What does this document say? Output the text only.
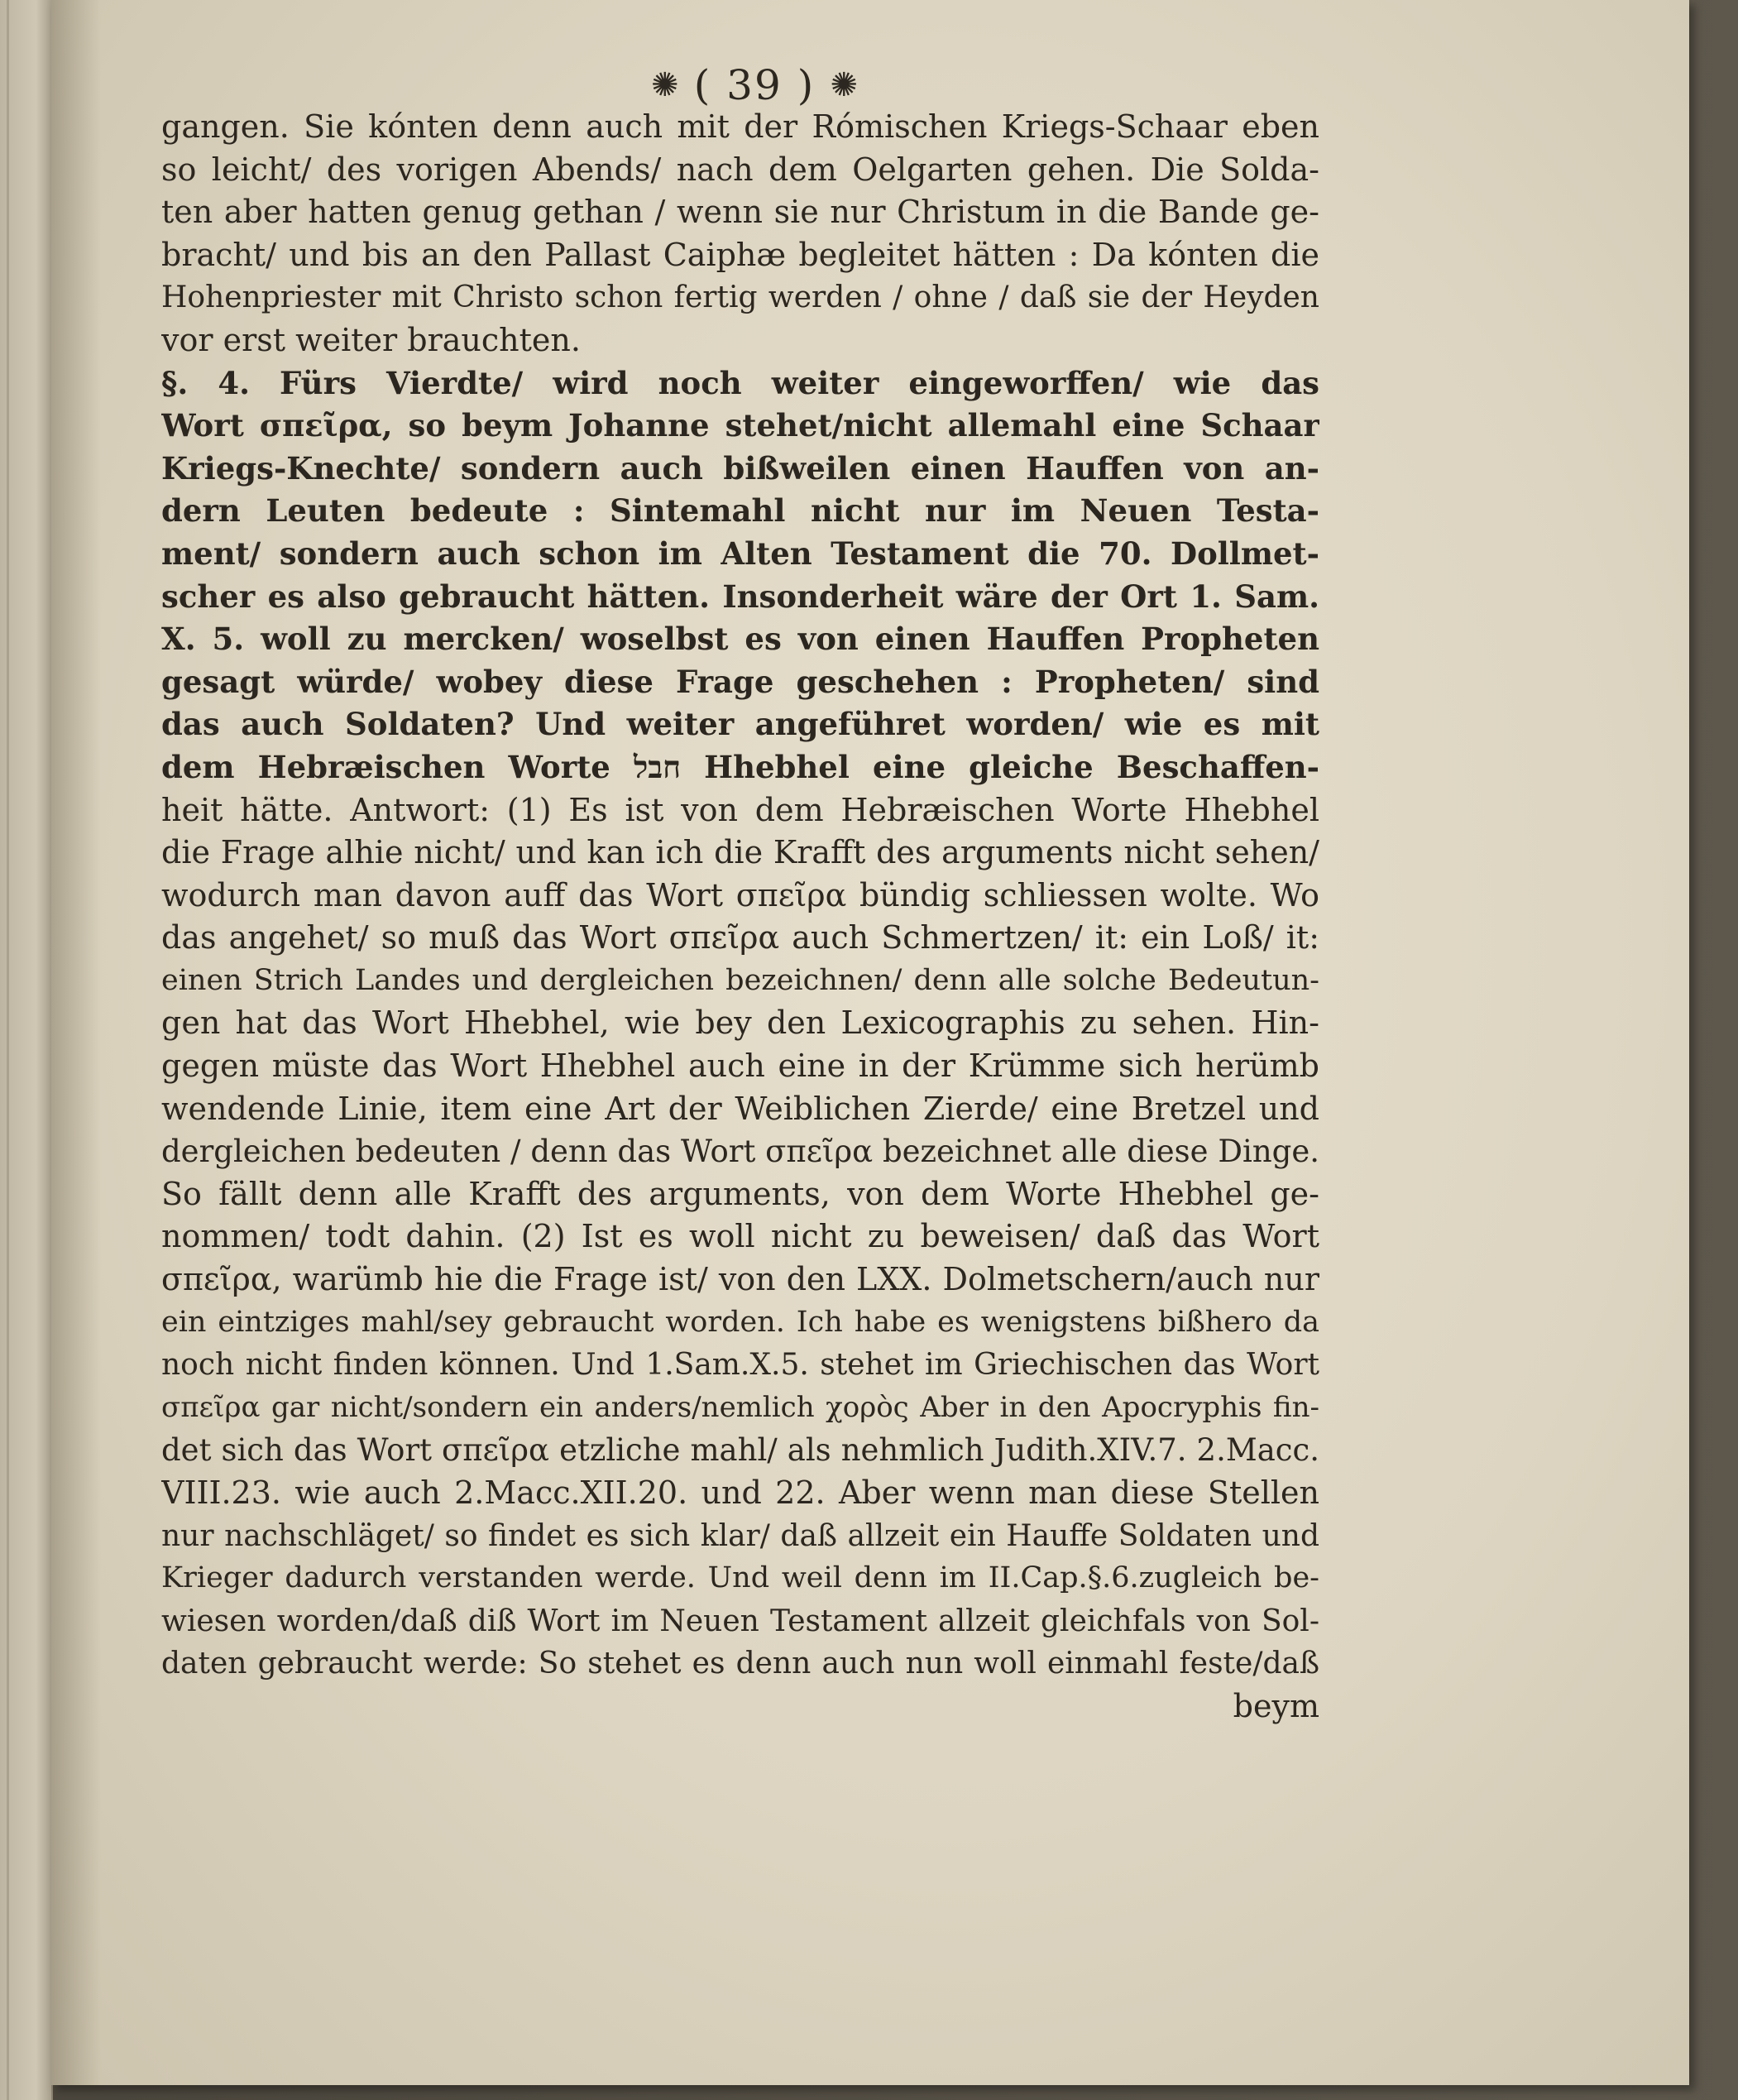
✺ ( 39 ) ✺
gangen. Sie kónten denn auch mit der Rómischen Kriegs-Schaar eben
so leicht/ des vorigen Abends/ nach dem Oelgarten gehen. Die Solda-
ten aber hatten genug gethan / wenn sie nur Christum in die Bande ge-
bracht/ und bis an den Pallast Caiphæ begleitet hätten : Da kónten die
Hohenpriester mit Christo schon fertig werden / ohne / daß sie der Heyden
vor erst weiter brauchten.
§. 4. Fürs Vierdte/ wird noch weiter eingeworffen/ wie das
Wort σπεῖρα, so beym Johanne stehet/nicht allemahl eine Schaar
Kriegs-Knechte/ sondern auch bißweilen einen Hauffen von an-
dern Leuten bedeute : Sintemahl nicht nur im Neuen Testa-
ment/ sondern auch schon im Alten Testament die 70. Dollmet-
scher es also gebraucht hätten. Insonderheit wäre der Ort 1. Sam.
X. 5. woll zu mercken/ woselbst es von einen Hauffen Propheten
gesagt würde/ wobey diese Frage geschehen : Propheten/ sind
das auch Soldaten? Und weiter angeführet worden/ wie es mit
dem Hebræischen Worte חבל Hhebhel eine gleiche Beschaffen-
heit hätte. Antwort: (1) Es ist von dem Hebræischen Worte Hhebhel
die Frage alhie nicht/ und kan ich die Krafft des arguments nicht sehen/
wodurch man davon auff das Wort σπεῖρα bündig schliessen wolte. Wo
das angehet/ so muß das Wort σπεῖρα auch Schmertzen/ it: ein Loß/ it:
einen Strich Landes und dergleichen bezeichnen/ denn alle solche Bedeutun-
gen hat das Wort Hhebhel, wie bey den Lexicographis zu sehen. Hin-
gegen müste das Wort Hhebhel auch eine in der Krümme sich herümb
wendende Linie, item eine Art der Weiblichen Zierde/ eine Bretzel und
dergleichen bedeuten / denn das Wort σπεῖρα bezeichnet alle diese Dinge.
So fällt denn alle Krafft des arguments, von dem Worte Hhebhel ge-
nommen/ todt dahin. (2) Ist es woll nicht zu beweisen/ daß das Wort
σπεῖρα, warümb hie die Frage ist/ von den LXX. Dolmetschern/auch nur
ein eintziges mahl/sey gebraucht worden. Ich habe es wenigstens bißhero da
noch nicht finden können. Und 1.Sam.X.5. stehet im Griechischen das Wort
σπεῖρα gar nicht/sondern ein anders/nemlich χορὸς Aber in den Apocryphis fin-
det sich das Wort σπεῖρα etzliche mahl/ als nehmlich Judith.XIV.7. 2.Macc.
VIII.23. wie auch 2.Macc.XII.20. und 22. Aber wenn man diese Stellen
nur nachschläget/ so findet es sich klar/ daß allzeit ein Hauffe Soldaten und
Krieger dadurch verstanden werde. Und weil denn im II.Cap.§.6.zugleich be-
wiesen worden/daß diß Wort im Neuen Testament allzeit gleichfals von Sol-
daten gebraucht werde: So stehet es denn auch nun woll einmahl feste/daß
beym
